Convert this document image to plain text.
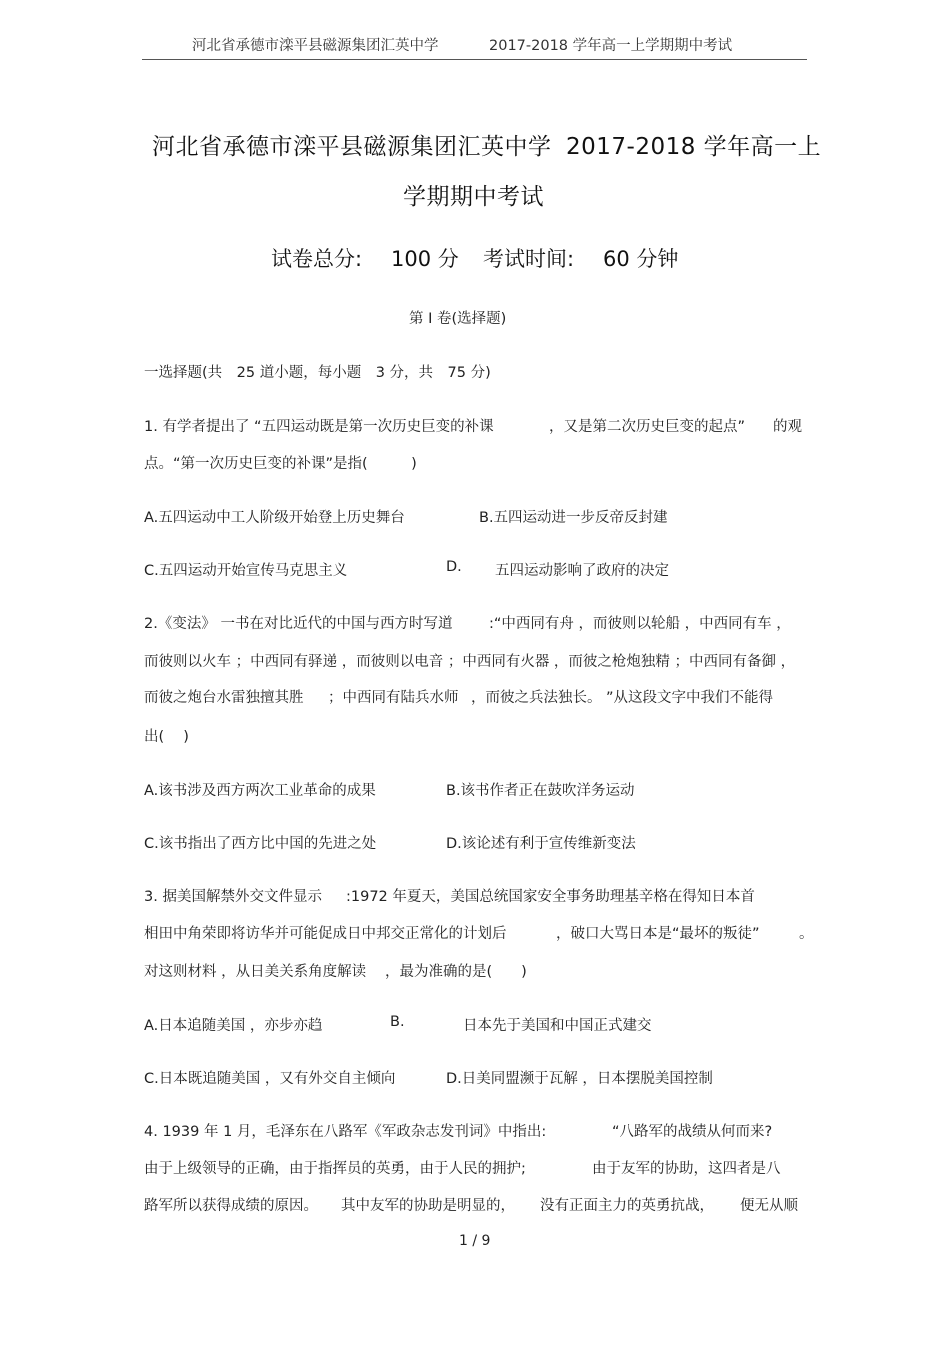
河北省承德市滦平县磁源集团汇英中学	2017-2018 学年高一上学期期中考试
河北省承德市滦平县磁源集团汇英中学 2017-2018 学年高一上
学期期中考试
试卷总分: 100 分 考试时间: 60 分钟
第 Ⅰ 卷(选择题)
一选择题(共　25 道小题，每小题　3 分，共　75 分)
1. 有学者提出了 “五四运动既是第一次历史巨变的补课	，又是第二次历史巨变的起点” 的观
点。“第一次历史巨变的补课”是指(　　　)
A.五四运动中工人阶级开始登上历史舞台	B.五四运动进一步反帝反封建
C.五四运动开始宣传马克思主义	D. 五四运动影响了政府的决定
2.《变法》 一书在对比近代的中国与西方时写道	:“中西同有舟 ，而彼则以轮船 ，中西同有车 ，
而彼则以火车 ；中西同有驿递 ，而彼则以电音 ；中西同有火器 ，而彼之枪炮独精 ；中西同有备御 ，
而彼之炮台水雷独擅其胜 ；中西同有陆兵水师 ，而彼之兵法独长。 ”从这段文字中我们不能得
出(　 )
A.该书涉及西方两次工业革命的成果	B.该书作者正在鼓吹洋务运动
C.该书指出了西方比中国的先进之处	D.该论述有利于宣传维新变法
3. 据美国解禁外交文件显示 :1972 年夏天，美国总统国家安全事务助理基辛格在得知日本首
相田中角荣即将访华并可能促成日中邦交正常化的计划后	，破口大骂日本是“最坏的叛徒”	。
对这则材料 ，从日美关系角度解读 ，最为准确的是(　　)
A.日本追随美国 ，亦步亦趋	B.	日本先于美国和中国正式建交
C.日本既追随美国 ，又有外交自主倾向	D.日美同盟濒于瓦解 ，日本摆脱美国控制
4. 1939 年 1 月，毛泽东在八路军《军政杂志发刊词》中指出:	“八路军的战绩从何而来?
由于上级领导的正确，由于指挥员的英勇，由于人民的拥护;	由于友军的协助，这四者是八
路军所以获得成绩的原因。 其中友军的协助是明显的， 没有正面主力的英勇抗战， 便无从顺
1 / 9
